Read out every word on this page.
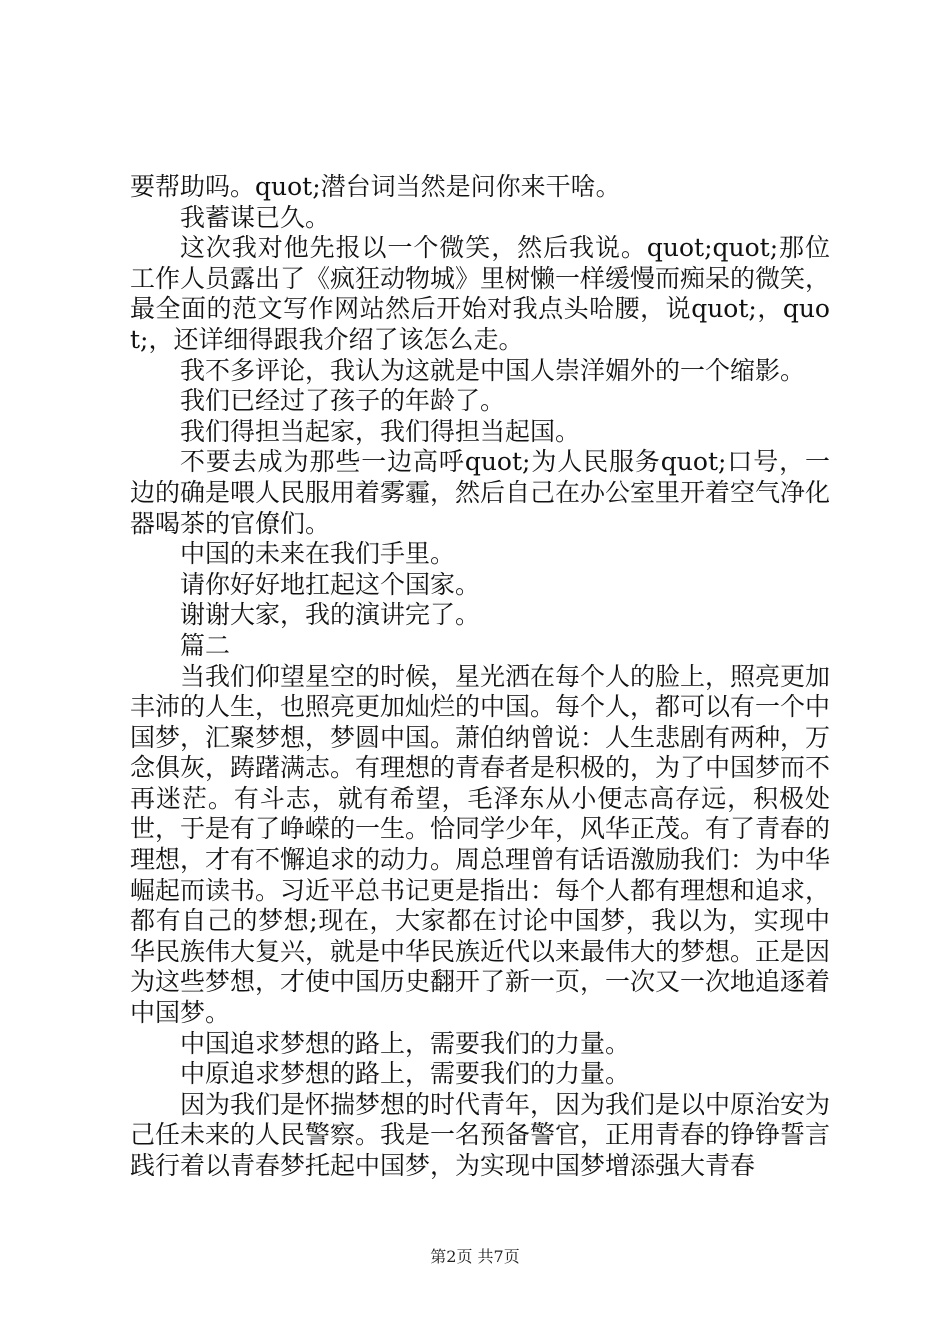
要帮助吗。quot;潜台词当然是问你来干啥。

我蓄谋已久。

这次我对他先报以一个微笑，然后我说。quot;quot;那位工作人员露出了《疯狂动物城》里树懒一样缓慢而痴呆的微笑，最全面的范文写作网站然后开始对我点头哈腰，说quot;，quot;，还详细得跟我介绍了该怎么走。

我不多评论，我认为这就是中国人崇洋媚外的一个缩影。

我们已经过了孩子的年龄了。

我们得担当起家，我们得担当起国。

不要去成为那些一边高呼quot;为人民服务quot;口号，一边的确是喂人民服用着雾霾，然后自己在办公室里开着空气净化器喝茶的官僚们。

中国的未来在我们手里。

请你好好地扛起这个国家。

谢谢大家，我的演讲完了。

篇二

当我们仰望星空的时候，星光洒在每个人的脸上，照亮更加丰沛的人生，也照亮更加灿烂的中国。每个人，都可以有一个中国梦，汇聚梦想，梦圆中国。萧伯纳曾说：人生悲剧有两种，万念俱灰，踌躇满志。有理想的青春者是积极的，为了中国梦而不再迷茫。有斗志，就有希望，毛泽东从小便志高存远，积极处世，于是有了峥嵘的一生。恰同学少年，风华正茂。有了青春的理想，才有不懈追求的动力。周总理曾有话语激励我们：为中华崛起而读书。习近平总书记更是指出：每个人都有理想和追求，都有自己的梦想;现在，大家都在讨论中国梦，我以为，实现中华民族伟大复兴，就是中华民族近代以来最伟大的梦想。正是因为这些梦想，才使中国历史翻开了新一页，一次又一次地追逐着中国梦。

中国追求梦想的路上，需要我们的力量。

中原追求梦想的路上，需要我们的力量。

因为我们是怀揣梦想的时代青年，因为我们是以中原治安为己任未来的人民警察。我是一名预备警官，正用青春的铮铮誓言践行着以青春梦托起中国梦，为实现中国梦增添强大青春

第2页 共7页
